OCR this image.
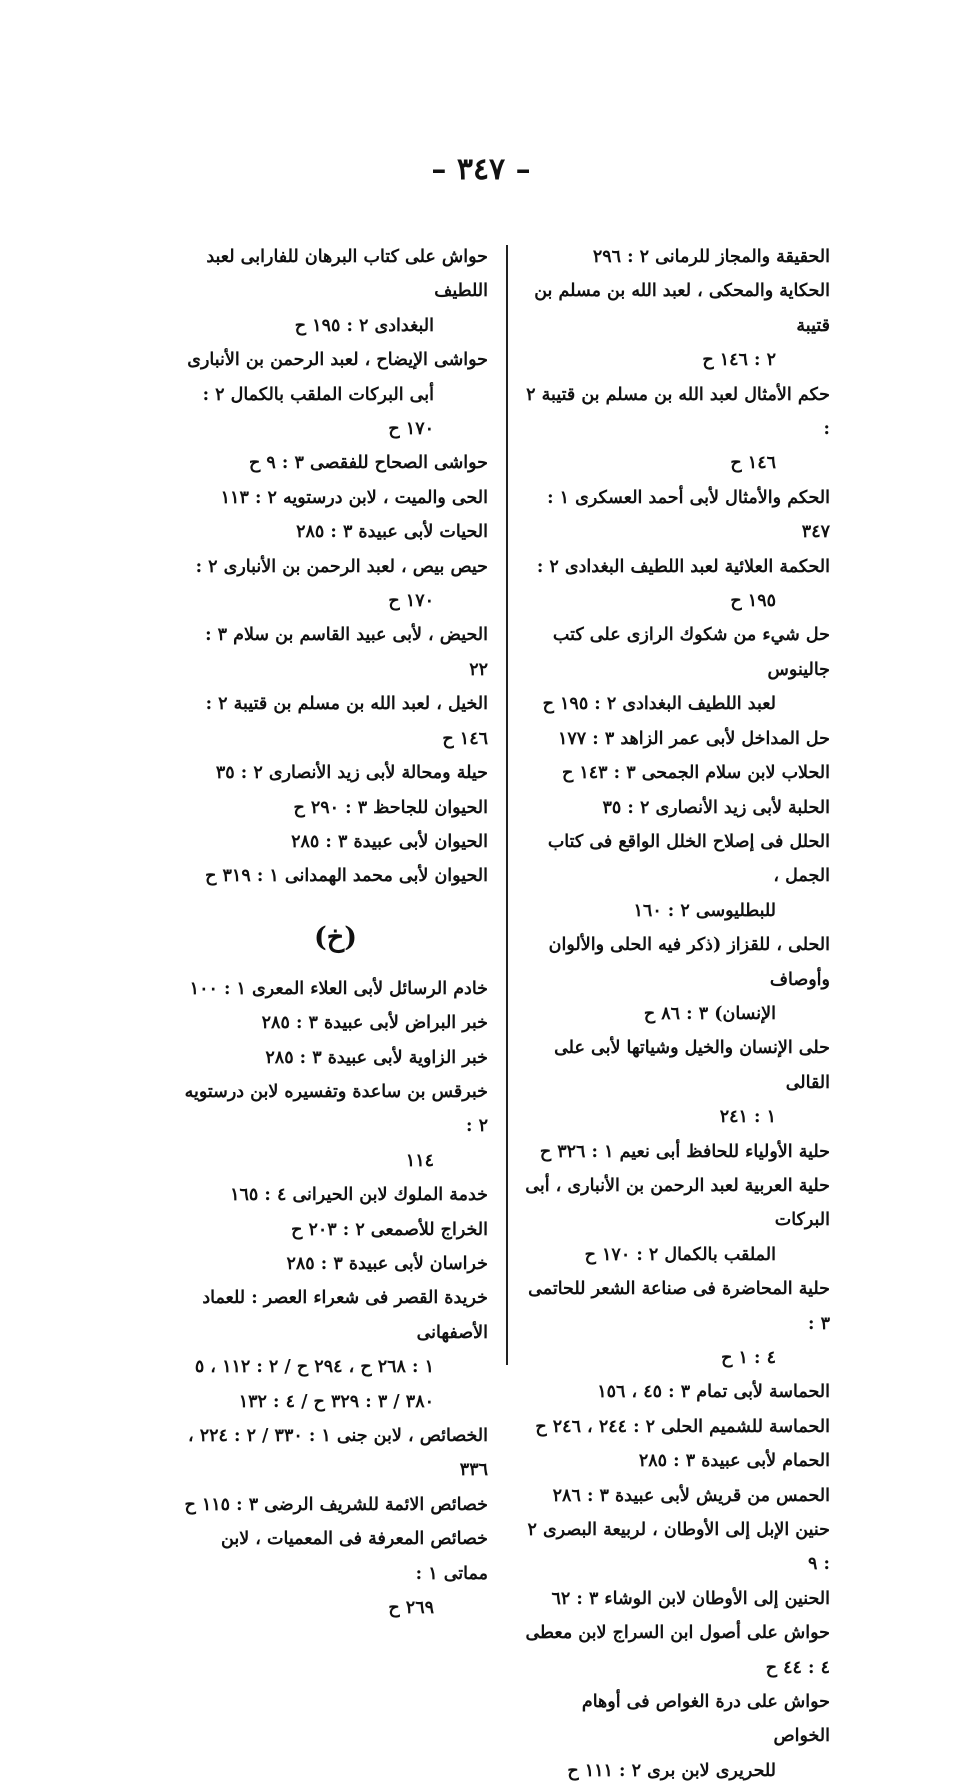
– ٣٤٧ –

الحقيقة والمجاز للرمانى ٢ : ٢٩٦

الحكاية والمحكى ، لعبد الله بن مسلم بن قتيبة

٢ : ١٤٦ ح

حكم الأمثال لعبد الله بن مسلم بن قتيبة ٢ :

١٤٦ ح

الحكم والأمثال لأبى أحمد العسكرى ١ : ٣٤٧

الحكمة العلائية لعبد اللطيف البغدادى ٢ :

١٩٥ ح

حل شيء من شكوك الرازى على كتب جالينوس

لعبد اللطيف البغدادى ٢ : ١٩٥ ح

حل المداخل لأبى عمر الزاهد ٣ : ١٧٧

الحلاب لابن سلام الجمحى ٣ : ١٤٣ ح

الحلبة لأبى زيد الأنصارى ٢ : ٣٥

الحلل فى إصلاح الخلل الواقع فى كتاب الجمل ،

للبطليوسى ٢ : ١٦٠

الحلى ، للقزاز (ذكر فيه الحلى والألوان وأوصاف

الإنسان) ٣ : ٨٦ ح

حلى الإنسان والخيل وشياتها لأبى على القالى

١ : ٢٤١

حلية الأولياء للحافظ أبى نعيم ١ : ٣٢٦ ح

حلية العربية لعبد الرحمن بن الأنبارى ، أبى البركات

الملقب بالكمال ٢ : ١٧٠ ح

حلية المحاضرة فى صناعة الشعر للحاتمى ٣ :

٤ : ١ ح

الحماسة لأبى تمام ٣ : ٤٥ ، ١٥٦

الحماسة للشميم الحلى ٢ : ٢٤٤ ، ٢٤٦ ح

الحمام لأبى عبيدة ٣ : ٢٨٥

الحمس من قريش لأبى عبيدة ٣ : ٢٨٦

حنين الإبل إلى الأوطان ، لربيعة البصرى ٢ : ٩

الحنين إلى الأوطان لابن الوشاء ٣ : ٦٢

حواش على أصول ابن السراج لابن معطى ٤ : ٤٤ ح

حواش على درة الغواص فى أوهام الخواص

للحريرى لابن برى ٢ : ١١١ ح

حواش على كتاب البرهان للفارابى لعبد اللطيف

البغدادى ٢ : ١٩٥ ح

حواشى الإيضاح ، لعبد الرحمن بن الأنبارى

أبى البركات الملقب بالكمال ٢ : ١٧٠ ح

حواشى الصحاح للفقصى ٣ : ٩ ح

الحى والميت ، لابن درستويه ٢ : ١١٣

الحيات لأبى عبيدة ٣ : ٢٨٥

حيص بيص ، لعبد الرحمن بن الأنبارى ٢ :

١٧٠ ح

الحيض ، لأبى عبيد القاسم بن سلام ٣ : ٢٢

الخيل ، لعبد الله بن مسلم بن قتيبة ٢ : ١٤٦ ح

حيلة ومحالة لأبى زيد الأنصارى ٢ : ٣٥

الحيوان للجاحظ ٣ : ٢٩٠ ح

الحيوان لأبى عبيدة ٣ : ٢٨٥

الحيوان لأبى محمد الهمدانى ١ : ٣١٩ ح

(خ)

خادم الرسائل لأبى العلاء المعرى ١ : ١٠٠

خبر البراض لأبى عبيدة ٣ : ٢٨٥

خبر الزاوية لأبى عبيدة ٣ : ٢٨٥

خبرقس بن ساعدة وتفسيره لابن درستويه ٢ :

١١٤

خدمة الملوك لابن الحيرانى ٤ : ١٦٥

الخراج للأصمعى ٢ : ٢٠٣ ح

خراسان لأبى عبيدة ٣ : ٢٨٥

خريدة القصر فى شعراء العصر : للعماد الأصفهانى

١ : ٢٦٨ ح ، ٢٩٤ ح / ٢ : ١١٢ ، ٥

٣٨٠ / ٣ : ٣٢٩ ح / ٤ : ١٣٢

الخصائص ، لابن جنى ١ : ٣٣٠ / ٢ : ٢٢٤ ، ٣٣٦

خصائص الائمة للشريف الرضى ٣ : ١١٥ ح

خصائص المعرفة فى المعميات ، لابن مماتى ١ :

٢٦٩ ح
